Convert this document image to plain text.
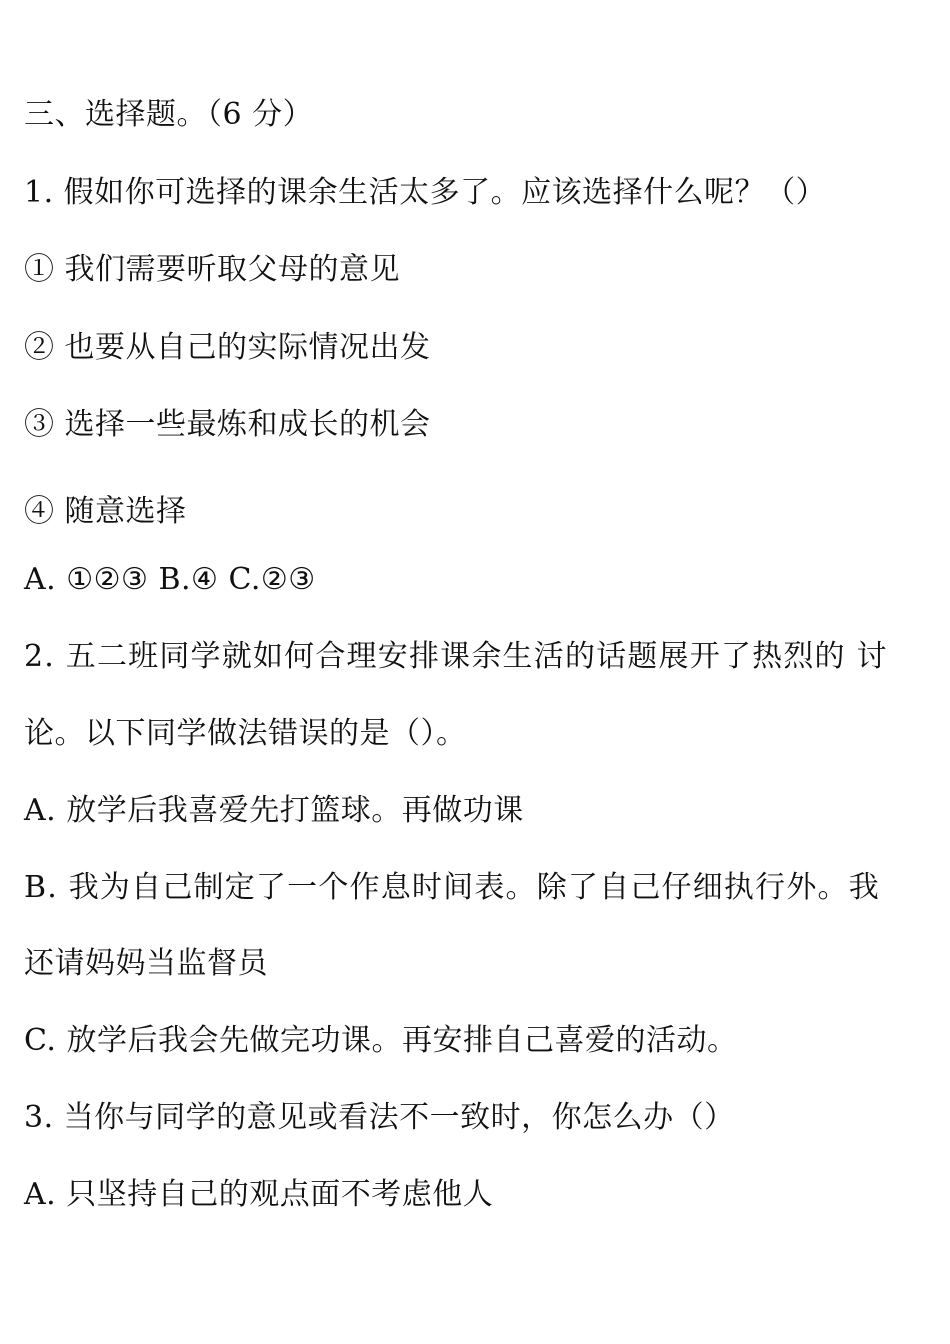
三、选择题。（6 分）
1. 假如你可选择的课余生活太多了。应该选择什么呢？（）
① 我们需要听取父母的意见
② 也要从自己的实际情况出发
③ 选择一些最炼和成长的机会
④ 随意选择
A. ①②③ B.④ C.②③
2. 五二班同学就如何合理安排课余生活的话题展开了热烈的 讨
论。以下同学做法错误的是（）。
A. 放学后我喜爱先打篮球。再做功课
B. 我为自己制定了一个作息时间表。除了自己仔细执行外。我
还请妈妈当监督员
C. 放学后我会先做完功课。再安排自己喜爱的活动。
3. 当你与同学的意见或看法不一致时，你怎么办（）
A. 只坚持自己的观点面不考虑他人
